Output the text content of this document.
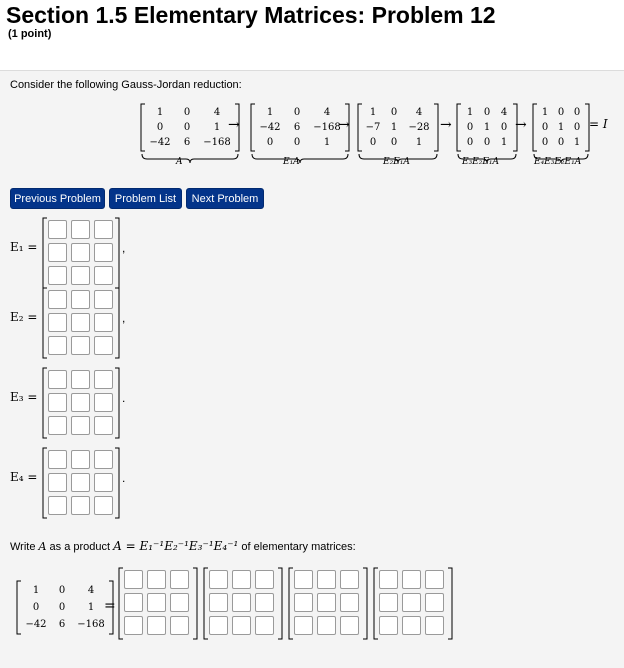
Section 1.5 Elementary Matrices: Problem 12
(1 point)
Consider the following Gauss-Jordan reduction:
1	0	4
0	0	1
−42	6	−168
1	0	4
−42	6	−168
0	0	1
1	0	4
−7	1	−28
0	0	1
1	0	4
0	1	0
0	0	1
1 0 0
0 1 0
0 0 1
→	→	→	→	= I
A	E₁A	E₂E₁A	E₃E₂E₁A	E₄E₃E₂E₁A
Previous Problem	Problem List	Next Problem
E₁ =	,
E₂ =	,
E₃ =	.
E₄ =	.
Write A as a product A = E₁⁻¹E₂⁻¹E₃⁻¹E₄⁻¹ of elementary matrices:
1	0	4
0	0	1
−42	6	−168
=
